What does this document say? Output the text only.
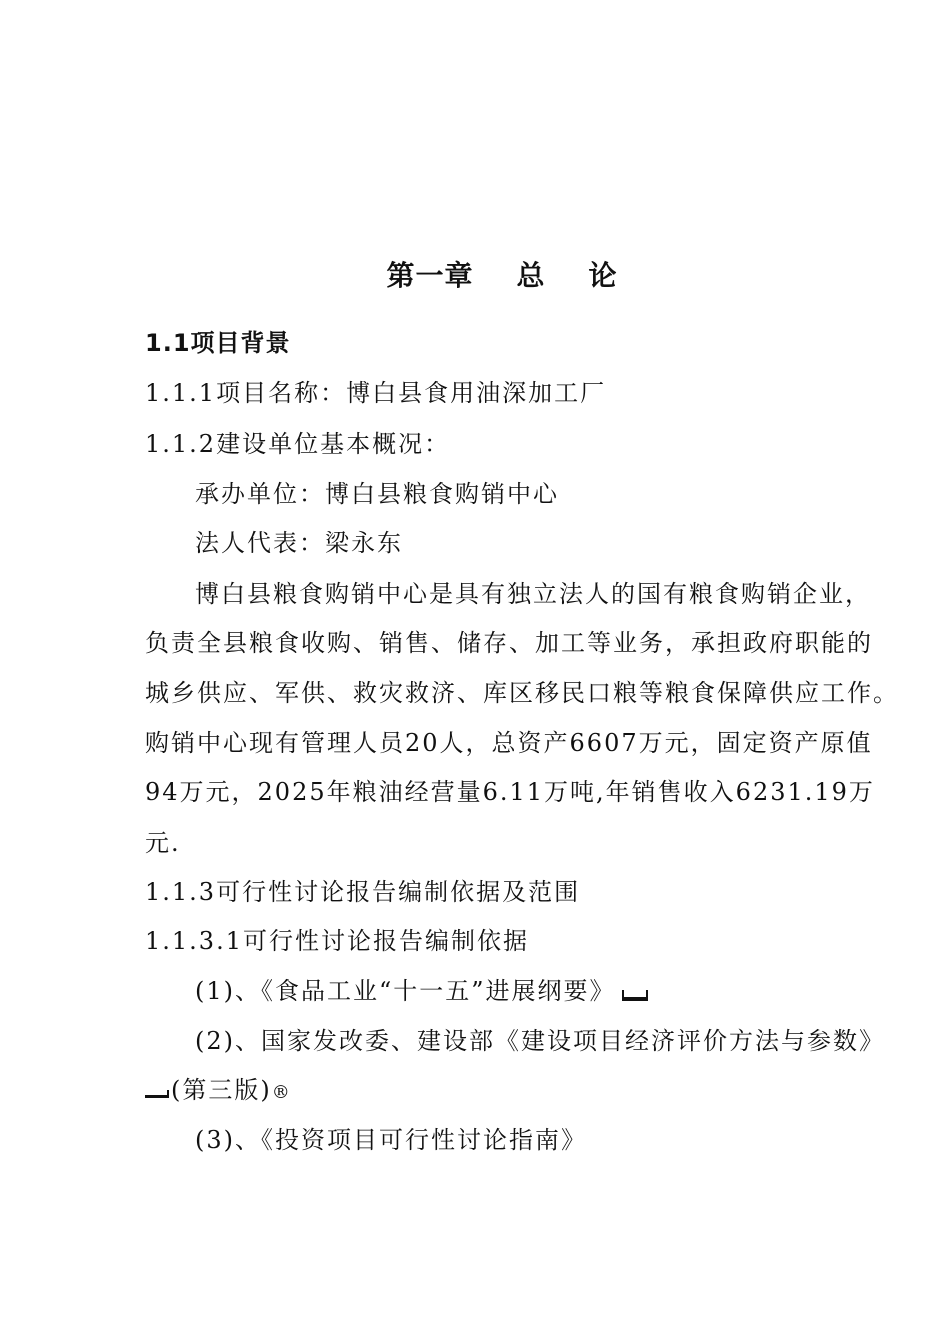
第一章    总    论
1.1项目背景
1.1.1项目名称：博白县食用油深加工厂
1.1.2建设单位基本概况：
承办单位：博白县粮食购销中心
法人代表：梁永东
博白县粮食购销中心是具有独立法人的国有粮食购销企业，
负责全县粮食收购、销售、储存、加工等业务，承担政府职能的
城乡供应、军供、救灾救济、库区移民口粮等粮食保障供应工作。
购销中心现有管理人员20人，总资产6607万元，固定资产原值
94万元，2025年粮油经营量6.11万吨,年销售收入6231.19万
元.
1.1.3可行性讨论报告编制依据及范围
1.1.3.1可行性讨论报告编制依据
(1)、《食品工业“十一五”进展纲要》
(2)、国家发改委、建设部《建设项目经济评价方法与参数》
(第三版)®
(3)、《投资项目可行性讨论指南》
